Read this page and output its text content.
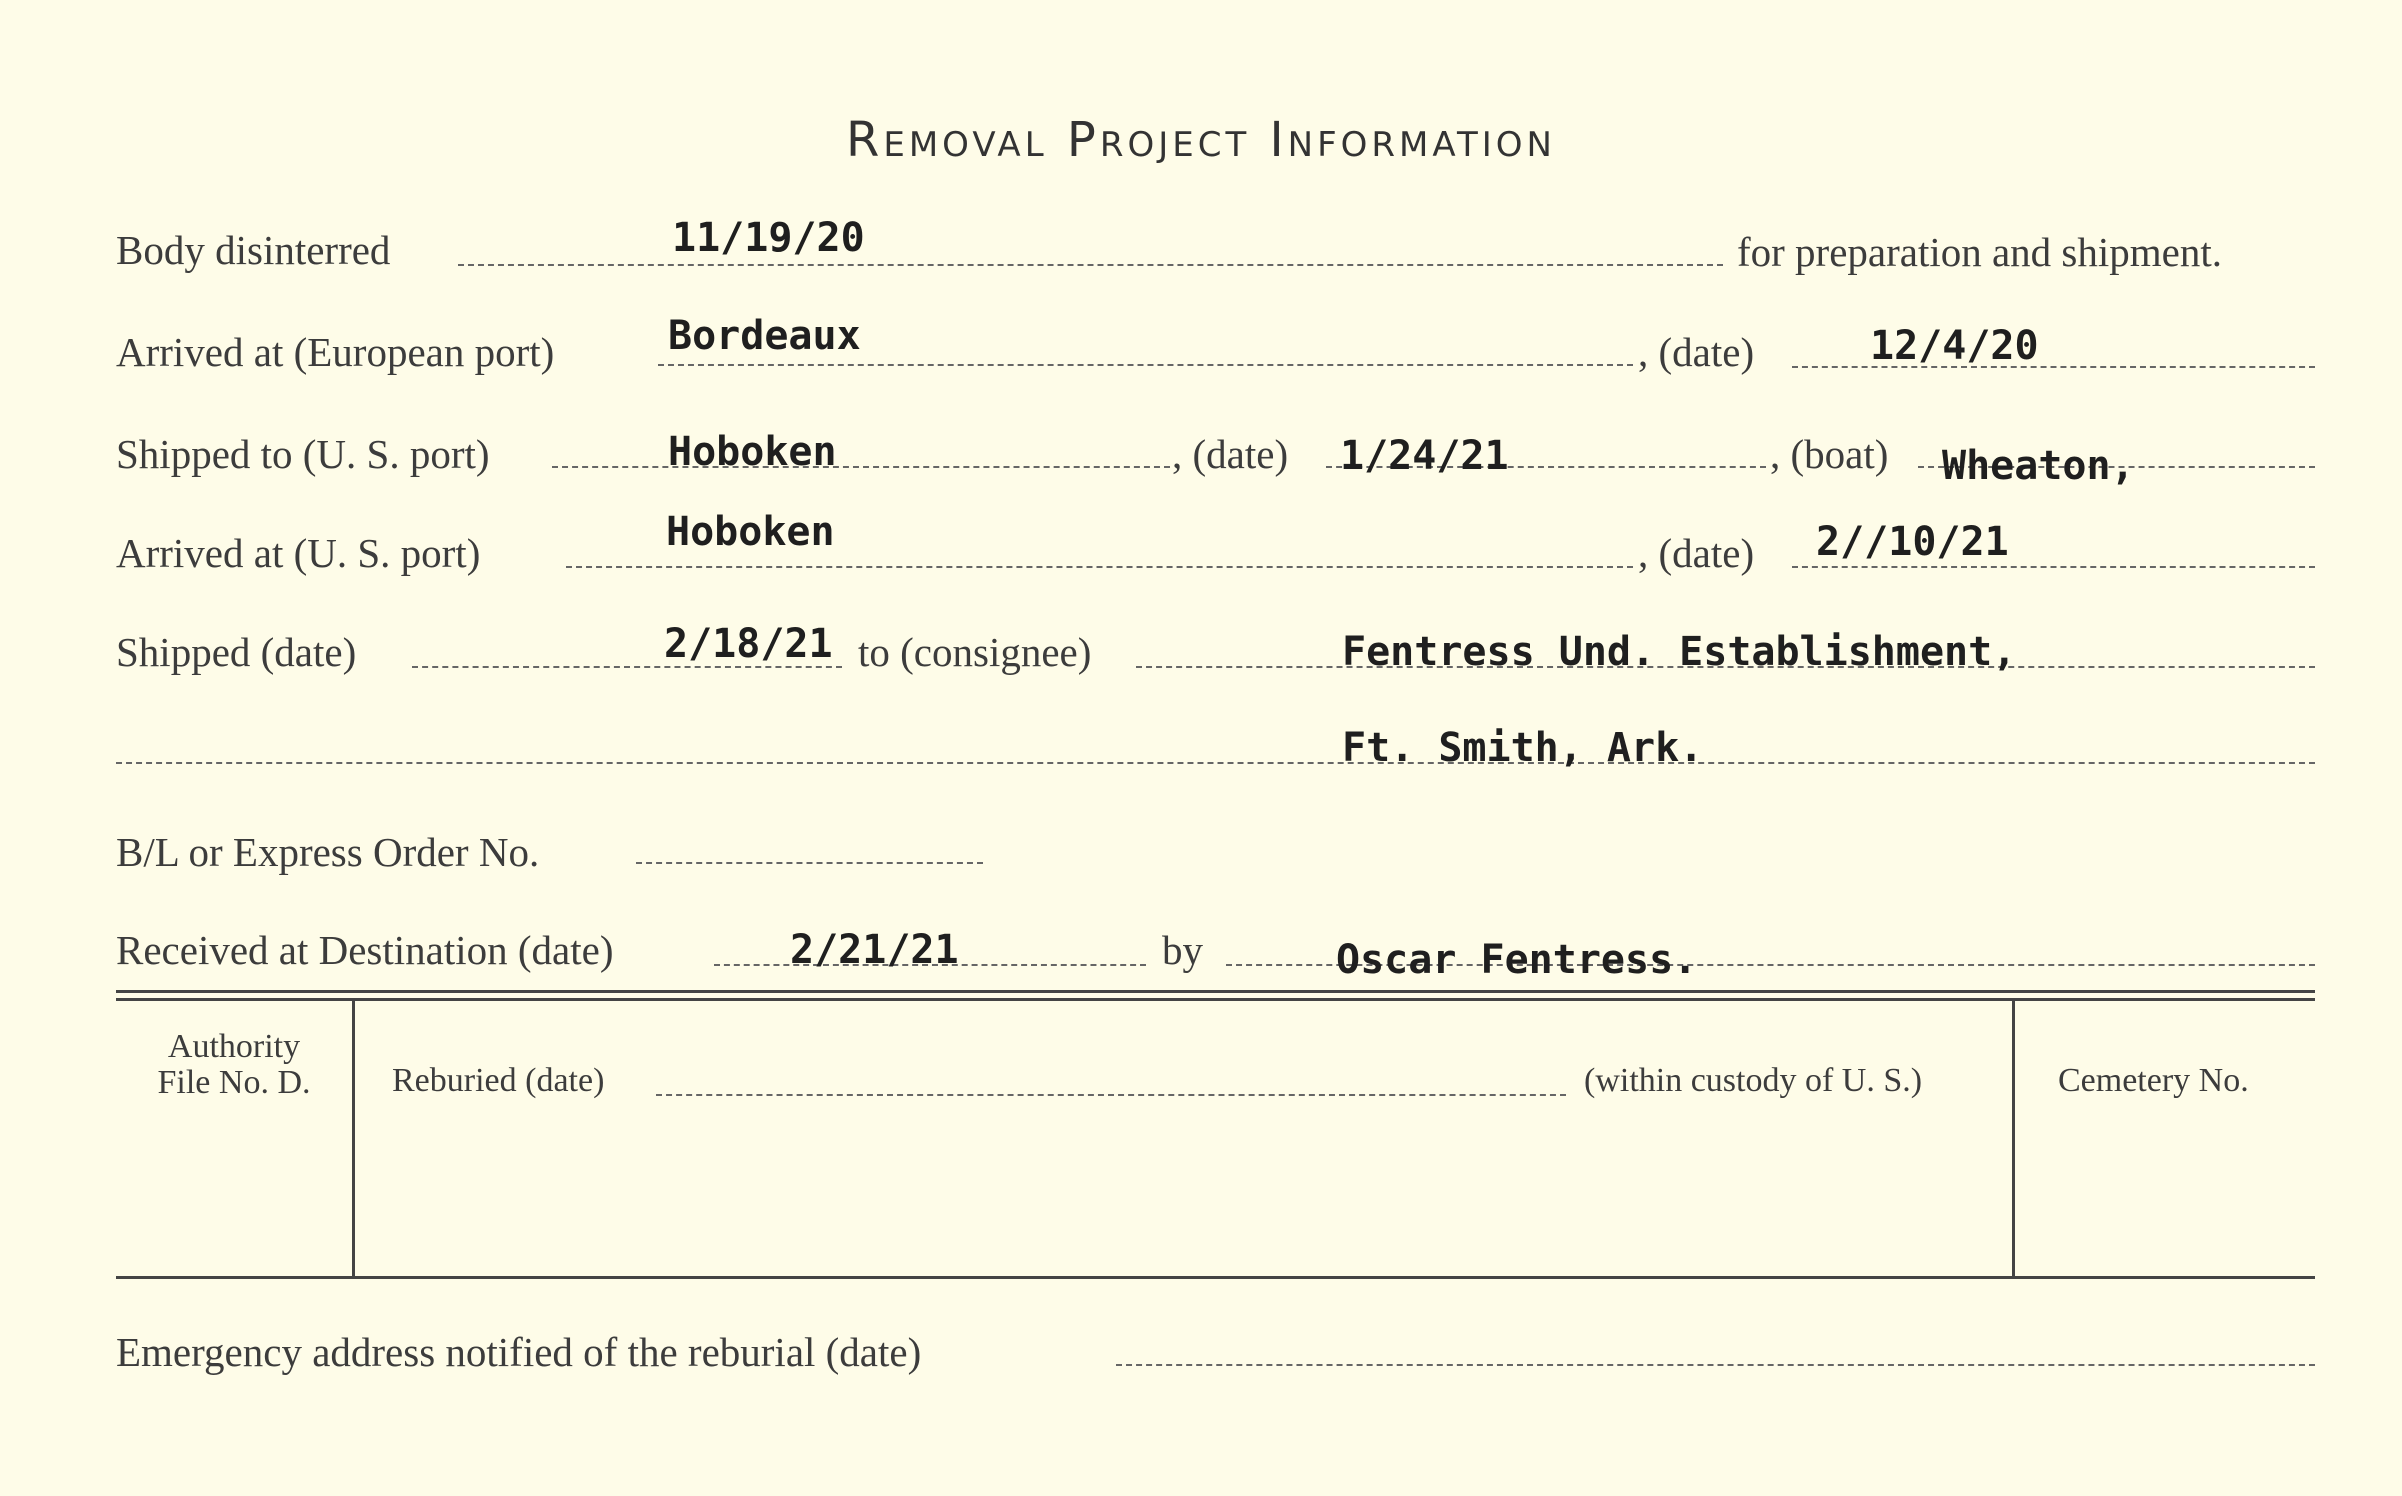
Removal Project Information
Body disinterred	11/19/20	for preparation and shipment.
Arrived at (European port)	Bordeaux	, (date)	12/4/20
Shipped to (U. S. port)	Hoboken	, (date) 1/24/21	, (boat) Wheaton,
Arrived at (U. S. port)	Hoboken	, (date) 2//10/21
Shipped (date)	2/18/21 to (consignee)	Fentress Und. Establishment,
Ft. Smith, Ark.
B/L or Express Order No.
Received at Destination (date)	2/21/21	by	Oscar Fentress.
Authority
File No. D.	Reburied (date)	(within custody of U. S.)	Cemetery No.
Emergency address notified of the reburial (date)
